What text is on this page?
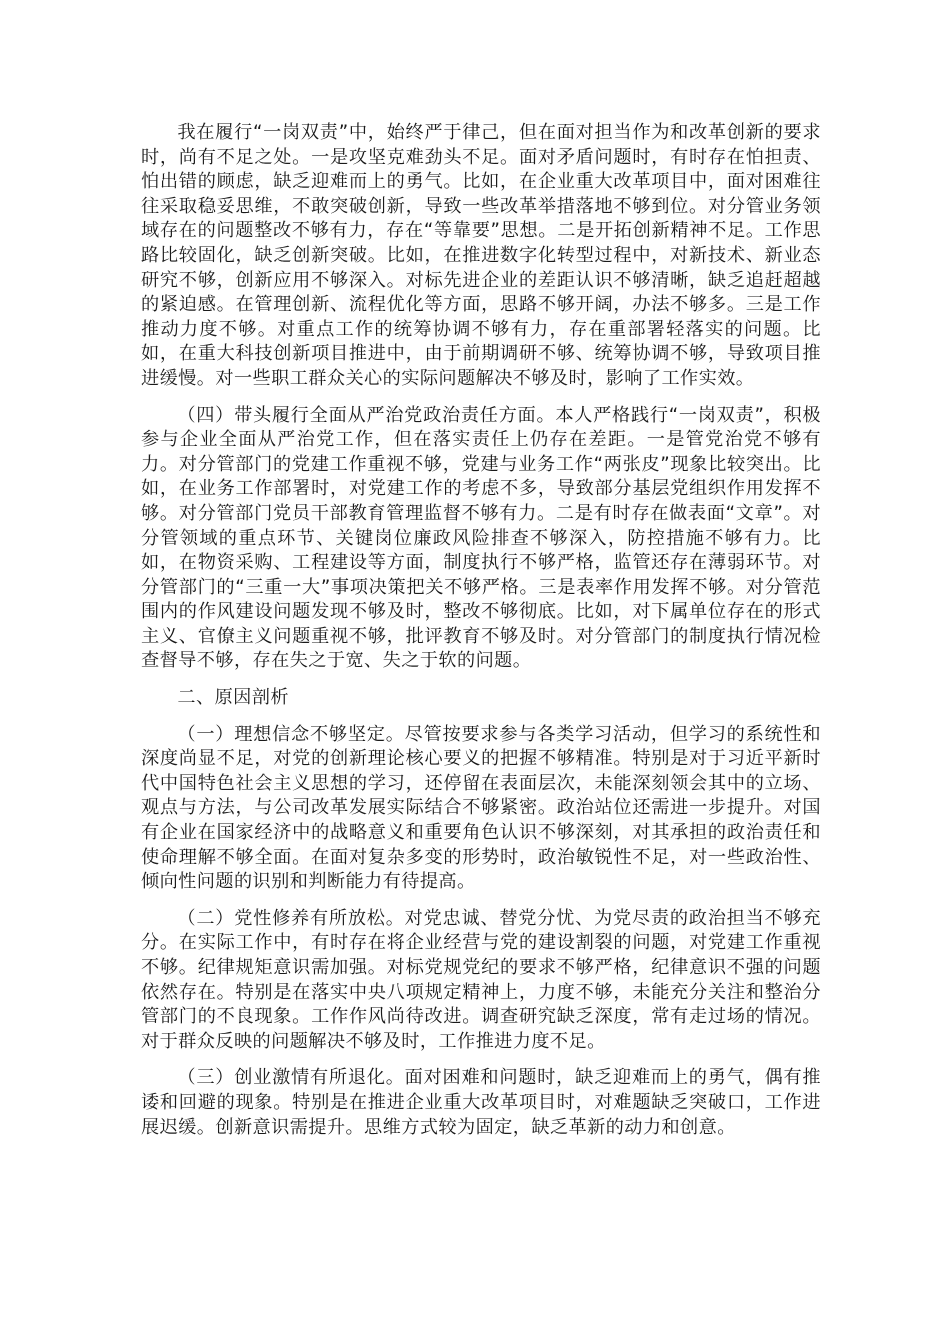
我在履行“一岗双责”中，始终严于律己，但在面对担当作为和改革创新的要求时，尚有不足之处。一是攻坚克难劲头不足。面对矛盾问题时，有时存在怕担责、怕出错的顾虑，缺乏迎难而上的勇气。比如，在企业重大改革项目中，面对困难往往采取稳妥思维，不敢突破创新，导致一些改革举措落地不够到位。对分管业务领域存在的问题整改不够有力，存在“等靠要”思想。二是开拓创新精神不足。工作思路比较固化，缺乏创新突破。比如，在推进数字化转型过程中，对新技术、新业态研究不够，创新应用不够深入。对标先进企业的差距认识不够清晰，缺乏追赶超越的紧迫感。在管理创新、流程优化等方面，思路不够开阔，办法不够多。三是工作推动力度不够。对重点工作的统筹协调不够有力，存在重部署轻落实的问题。比如，在重大科技创新项目推进中，由于前期调研不够、统筹协调不够，导致项目推进缓慢。对一些职工群众关心的实际问题解决不够及时，影响了工作实效。

（四）带头履行全面从严治党政治责任方面。本人严格践行“一岗双责”，积极参与企业全面从严治党工作，但在落实责任上仍存在差距。一是管党治党不够有力。对分管部门的党建工作重视不够，党建与业务工作“两张皮”现象比较突出。比如，在业务工作部署时，对党建工作的考虑不多，导致部分基层党组织作用发挥不够。对分管部门党员干部教育管理监督不够有力。二是有时存在做表面“文章”。对分管领域的重点环节、关键岗位廉政风险排查不够深入，防控措施不够有力。比如，在物资采购、工程建设等方面，制度执行不够严格，监管还存在薄弱环节。对分管部门的“三重一大”事项决策把关不够严格。三是表率作用发挥不够。对分管范围内的作风建设问题发现不够及时，整改不够彻底。比如，对下属单位存在的形式主义、官僚主义问题重视不够，批评教育不够及时。对分管部门的制度执行情况检查督导不够，存在失之于宽、失之于软的问题。

二、原因剖析

（一）理想信念不够坚定。尽管按要求参与各类学习活动，但学习的系统性和深度尚显不足，对党的创新理论核心要义的把握不够精准。特别是对于习近平新时代中国特色社会主义思想的学习，还停留在表面层次，未能深刻领会其中的立场、观点与方法，与公司改革发展实际结合不够紧密。政治站位还需进一步提升。对国有企业在国家经济中的战略意义和重要角色认识不够深刻，对其承担的政治责任和使命理解不够全面。在面对复杂多变的形势时，政治敏锐性不足，对一些政治性、倾向性问题的识别和判断能力有待提高。

（二）党性修养有所放松。对党忠诚、替党分忧、为党尽责的政治担当不够充分。在实际工作中，有时存在将企业经营与党的建设割裂的问题，对党建工作重视不够。纪律规矩意识需加强。对标党规党纪的要求不够严格，纪律意识不强的问题依然存在。特别是在落实中央八项规定精神上，力度不够，未能充分关注和整治分管部门的不良现象。工作作风尚待改进。调查研究缺乏深度，常有走过场的情况。对于群众反映的问题解决不够及时，工作推进力度不足。

（三）创业激情有所退化。面对困难和问题时，缺乏迎难而上的勇气，偶有推诿和回避的现象。特别是在推进企业重大改革项目时，对难题缺乏突破口，工作进展迟缓。创新意识需提升。思维方式较为固定，缺乏革新的动力和创意。
